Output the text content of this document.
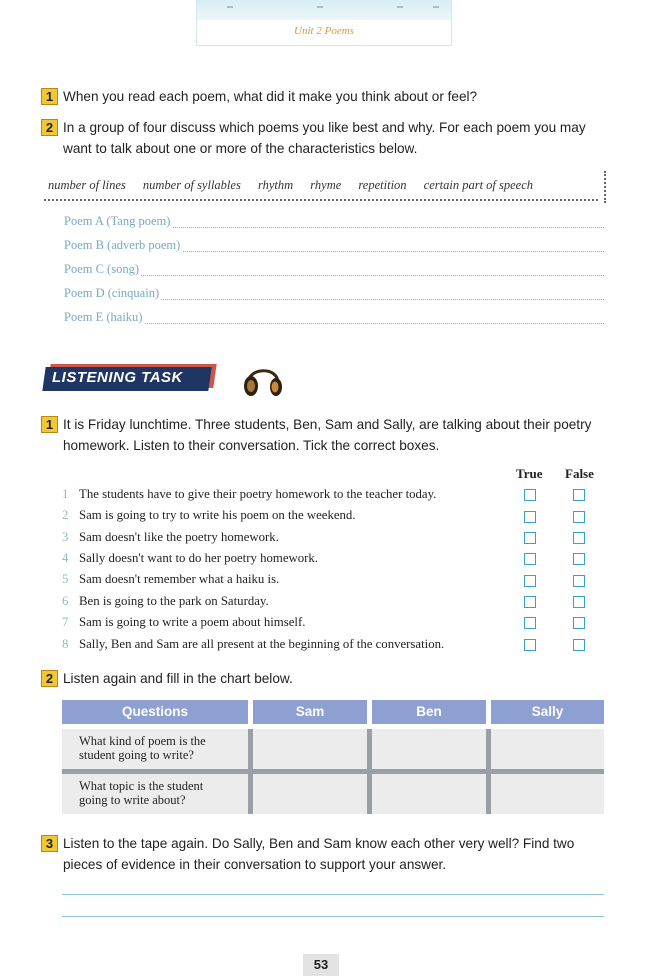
Unit 2 Poems
1 When you read each poem, what did it make you think about or feel?
2 In a group of four discuss which poems you like best and why. For each poem you may
want to talk about one or more of the characteristics below.
number of lines number of syllables rhythm rhyme repetition certain part of speech
Poem A (Tang poem)
Poem B (adverb poem)
Poem C (song)
Poem D (cinquain)
Poem E (haiku)
LISTENING TASK
1 It is Friday lunchtime. Three students, Ben, Sam and Sally, are talking about their poetry
homework. Listen to their conversation. Tick the correct boxes.
True False
1 The students have to give their poetry homework to the teacher today.
2 Sam is going to try to write his poem on the weekend.
3 Sam doesn't like the poetry homework.
4 Sally doesn't want to do her poetry homework.
5 Sam doesn't remember what a haiku is.
6 Ben is going to the park on Saturday.
7 Sam is going to write a poem about himself.
8 Sally, Ben and Sam are all present at the beginning of the conversation.
2 Listen again and fill in the chart below.
Questions	Sam	Ben	Sally
What kind of poem is the
student going to write?
What topic is the student
going to write about?
3 Listen to the tape again. Do Sally, Ben and Sam know each other very well? Find two
pieces of evidence in their conversation to support your answer.
53
